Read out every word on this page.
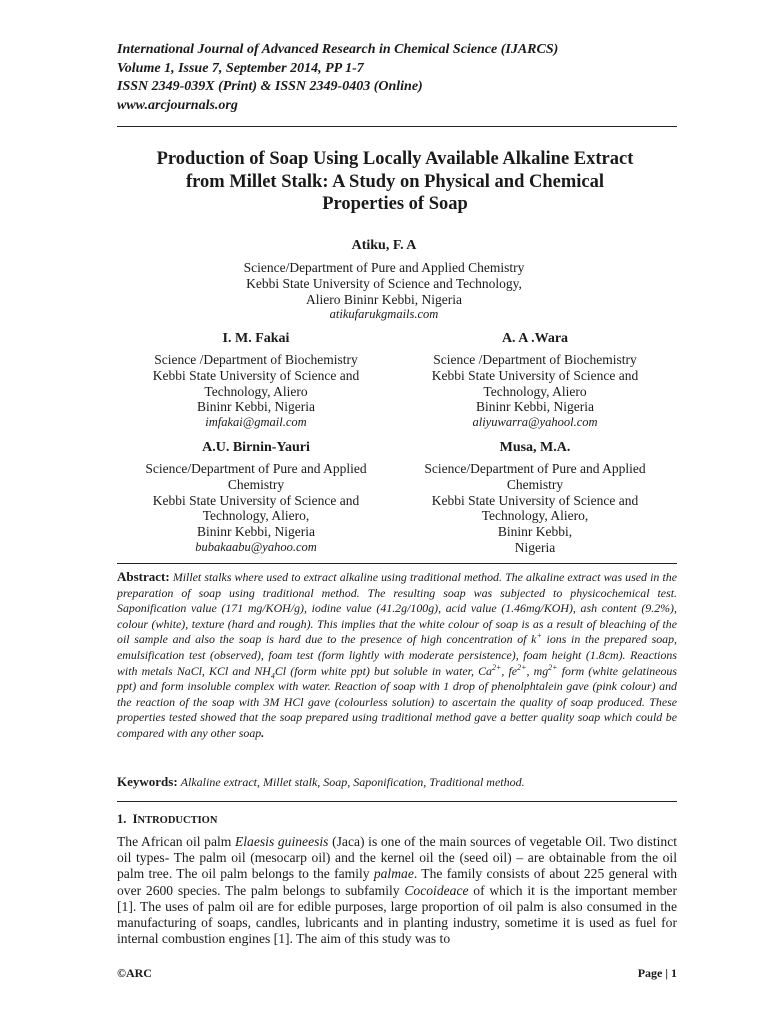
International Journal of Advanced Research in Chemical Science (IJARCS)
Volume 1, Issue 7, September 2014, PP 1-7
ISSN 2349-039X (Print) & ISSN 2349-0403 (Online)
www.arcjournals.org
Production of Soap Using Locally Available Alkaline Extract
from Millet Stalk: A Study on Physical and Chemical
Properties of Soap
Atiku, F. A
Science/Department of Pure and Applied Chemistry
Kebbi State University of Science and Technology,
Aliero Bininr Kebbi, Nigeria
atikufarukgmails.com
I. M. Fakai
Science /Department of Biochemistry
Kebbi State University of Science and
Technology, Aliero
Bininr Kebbi, Nigeria
imfakai@gmail.com
A. A .Wara
Science /Department of Biochemistry
Kebbi State University of Science and
Technology, Aliero
Bininr Kebbi, Nigeria
aliyuwarra@yahool.com
A.U. Birnin-Yauri
Science/Department of Pure and Applied
Chemistry
Kebbi State University of Science and
Technology, Aliero,
Bininr Kebbi, Nigeria
bubakaabu@yahoo.com
Musa, M.A.
Science/Department of Pure and Applied
Chemistry
Kebbi State University of Science and
Technology, Aliero,
Bininr Kebbi,
Nigeria
Abstract: Millet stalks where used to extract alkaline using traditional method. The alkaline extract was used in the preparation of soap using traditional method. The resulting soap was subjected to physicochemical test. Saponification value (171 mg/KOH/g), iodine value (41.2g/100g), acid value (1.46mg/KOH), ash content (9.2%), colour (white), texture (hard and rough). This implies that the white colour of soap is as a result of bleaching of the oil sample and also the soap is hard due to the presence of high concentration of k+ ions in the prepared soap, emulsification test (observed), foam test (form lightly with moderate persistence), foam height (1.8cm). Reactions with metals NaCl, KCl and $NH_4Cl$ (form white ppt) but soluble in water, $Ca^{2+}$, $fe^{2+}$, $mg^{2+}$ form (white gelatineous ppt) and form insoluble complex with water. Reaction of soap with 1 drop of phenolphtalein gave (pink colour) and the reaction of the soap with 3M HCl gave (colourless solution) to ascertain the quality of soap produced. These properties tested showed that the soap prepared using traditional method gave a better quality soap which could be compared with any other soap.
Keywords: Alkaline extract, Millet stalk, Soap, Saponification, Traditional method.
1. INTRODUCTION
The African oil palm Elaesis guineesis (Jaca) is one of the main sources of vegetable Oil. Two distinct oil types- The palm oil (mesocarp oil) and the kernel oil the (seed oil) – are obtainable from the oil palm tree. The oil palm belongs to the family palmae. The family consists of about 225 general with over 2600 species. The palm belongs to subfamily Cocoideace of which it is the important member [1]. The uses of palm oil are for edible purposes, large proportion of oil palm is also consumed in the manufacturing of soaps, candles, lubricants and in planting industry, sometime it is used as fuel for internal combustion engines [1]. The aim of this study was to
©ARC	Page | 1
